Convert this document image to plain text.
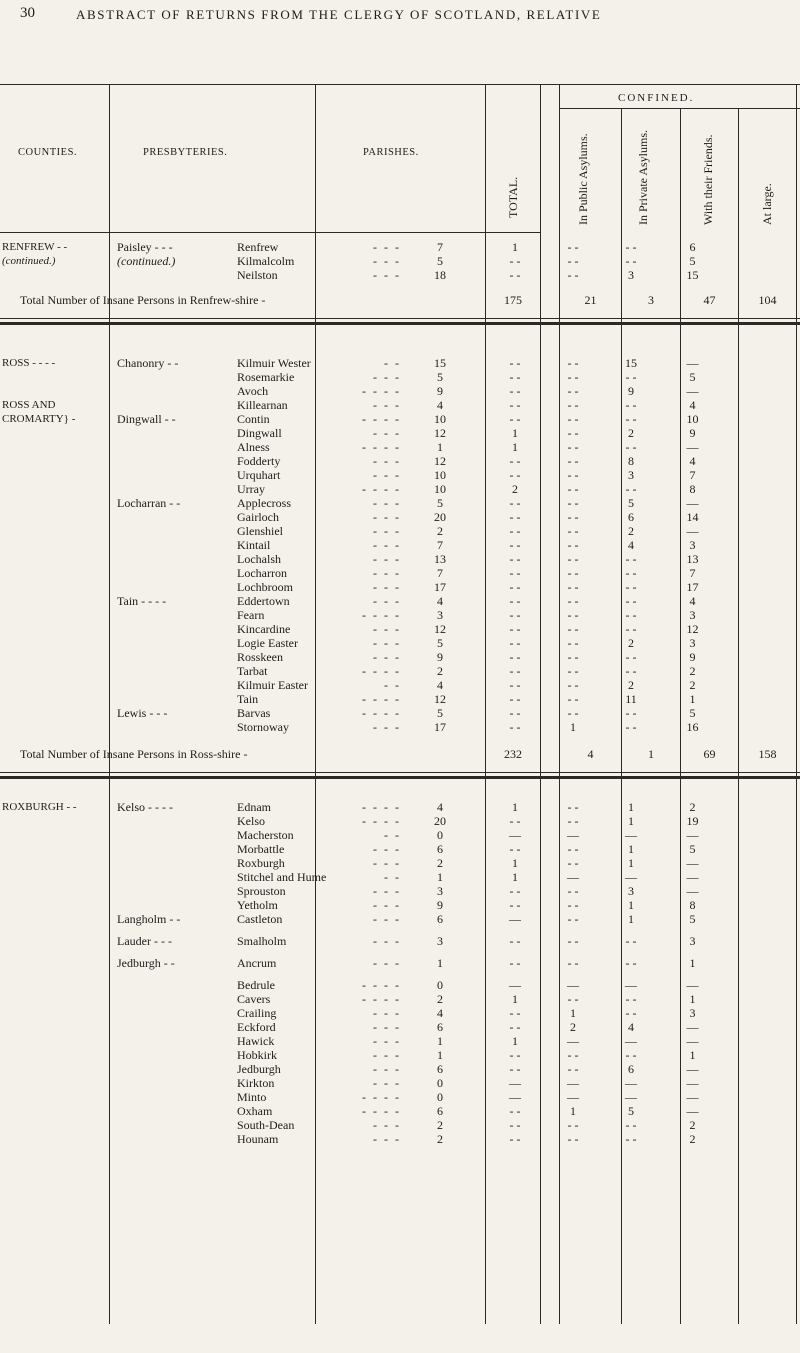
30	ABSTRACT OF RETURNS FROM THE CLERGY OF SCOTLAND, RELATIVE
COUNTIES.	PRESBYTERIES.	PARISHES.
TOTAL.
CONFINED.
In Public Asylums.	In Private Asylums.	With their Friends.	At large.
RENFREW - -	Paisley - - -	Renfrew - - -	7		1	- -	- -	6
(continued.)	(continued.)	Kilmalcolm - - -	5		- -	- -	- -	5

		Neilston - - -	18		- -	- -	3	15
Total Number of Insane Persons in Renfrew-shire -	175	21	3	47	104
ROSS - - - -	Chanonry - -	Kilmuir Wester - -	15		- -	- -	15	—

		Rosemarkie - - -	5		- -	- -	- -	5

		Avoch - - - -	9		- -	- -	9	—
ROSS AND		Killearnan - - -	4		- -	- -	- -	4
CROMARTY} -	Dingwall - -	Contin - - - -	10		- -	- -	- -	10

		Dingwall - - -	12		1	- -	2	9

		Alness - - - -	1		1	- -	- -	—

		Fodderty - - -	12		- -	- -	8	4

		Urquhart - - -	10		- -	- -	3	7

		Urray - - - -	10		2	- -	- -	8
	Locharran - -	Applecross - - -	5		- -	- -	5	—

		Gairloch - - -	20		- -	- -	6	14

		Glenshiel - - -	2		- -	- -	2	—

		Kintail - - -	7		- -	- -	4	3

		Lochalsh - - -	13		- -	- -	- -	13

		Locharron - - -	7		- -	- -	- -	7

		Lochbroom - - -	17		- -	- -	- -	17
	Tain - - - -	Eddertown - - -	4		- -	- -	- -	4

		Fearn - - - -	3		- -	- -	- -	3

		Kincardine - - -	12		- -	- -	- -	12

		Logie Easter - - -	5		- -	- -	2	3

		Rosskeen - - -	9		- -	- -	- -	9

		Tarbat - - - -	2		- -	- -	- -	2

		Kilmuir Easter - -	4		- -	- -	2	2

		Tain - - - -	12		- -	- -	11	1
	Lewis - - -	Barvas - - - -	5		- -	- -	- -	5

		Stornoway - - -	17		- -	1	- -	16
Total Number of Insane Persons in Ross-shire -	232	4	1	69	158
ROXBURGH - -	Kelso - - - -	Ednam - - - -	4		1	- -	1	2

		Kelso - - - -	20		- -	- -	1	19

		Macherston - -	0		—	—	—	—

		Morbattle - - -	6		- -	- -	1	5

		Roxburgh - - -	2		1	- -	1	—

		Stitchel and Hume - -	1		1	—	—	—

		Sprouston - - -	3		- -	- -	3	—

		Yetholm - - -	9		- -	- -	1	8
	Langholm - -	Castleton - - -	6		—	- -	1	5
	Lauder - - -	Smalholm - - -	3		- -	- -	- -	3
	Jedburgh - -	Ancrum - - -	1		- -	- -	- -	1

		Bedrule - - - -	0		—	—	—	—

		Cavers - - - -	2		1	- -	- -	1

		Crailing - - -	4		- -	1	- -	3

		Eckford - - -	6		- -	2	4	—

		Hawick - - -	1		1	—	—	—

		Hobkirk - - -	1		- -	- -	- -	1

		Jedburgh - - -	6		- -	- -	6	—

		Kirkton - - -	0		—	—	—	—

		Minto - - - -	0		—	—	—	—

		Oxham - - - -	6		- -	1	5	—

		South-Dean - - -	2		- -	- -	- -	2

		Hounam - - -	2		- -	- -	- -	2
